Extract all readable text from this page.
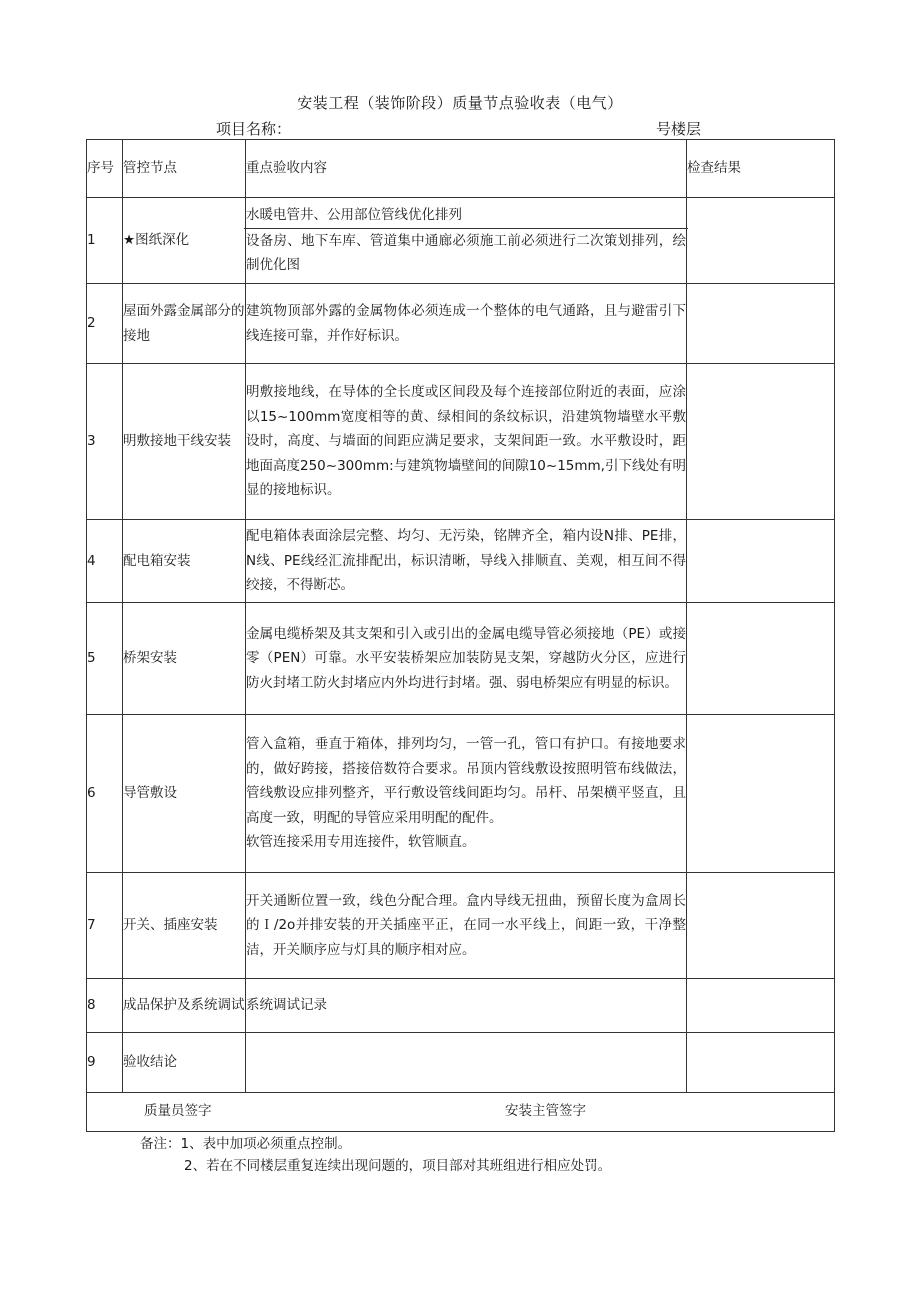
安装工程（装饰阶段）质量节点验收表（电气）
项目名称：	号楼层
序号	管控节点	重点验收内容	检查结果
1	★图纸深化	水暖电管井、公用部位管线优化排列
设备房、地下车库、管道集中通廊必须施工前必须进行二次策划排列，绘制优化图	

2	屋面外露金属部分的接地	建筑物顶部外露的金属物体必须连成一个整体的电气通路，且与避雷引下线连接可靠，并作好标识。	
3	明敷接地干线安装	明敷接地线，在导体的全长度或区间段及每个连接部位附近的表面，应涂以15~100mm宽度相等的黄、绿相间的条纹标识，沿建筑物墙壁水平敷设时，高度、与墙面的间距应满足要求，支架间距一致。水平敷设时，距地面高度250~300mm:与建筑物墙壁间的间隙10~15mm,引下线处有明显的接地标识。	
4	配电箱安装	配电箱体表面涂层完整、均匀、无污染，铭牌齐全，箱内设N排、PE排，N线、PE线经汇流排配出，标识清晰，导线入排顺直、美观，相互间不得绞接，不得断芯。	
5	桥架安装	金属电缆桥架及其支架和引入或引出的金属电缆导管必须接地（PE）或接零（PEN）可靠。水平安装桥架应加装防晃支架，穿越防火分区，应进行防火封堵工防火封堵应内外均进行封堵。强、弱电桥架应有明显的标识。	
6	导管敷设	管入盒箱，垂直于箱体，排列均匀，一管一孔，管口有护口。有接地要求的，做好跨接，搭接倍数符合要求。吊顶内管线敷设按照明管布线做法，管线敷设应排列整齐，平行敷设管线间距均匀。吊杆、吊架横平竖直，且高度一致，明配的导管应采用明配的配件。
软管连接采用专用连接件，软管顺直。	

7	开关、插座安装	开关通断位置一致，线色分配合理。盒内导线无扭曲，预留长度为盒周长的Ｉ/2o并排安装的开关插座平正，在同一水平线上，间距一致，干净整洁，开关顺序应与灯具的顺序相对应。	
8	成品保护及系统调试	系统调试记录	
9	验收结论		

质量员签字 安装主管签字			
备注：1、表中加项必须重点控制。
2、若在不同楼层重复连续出现问题的，项目部对其班组进行相应处罚。
